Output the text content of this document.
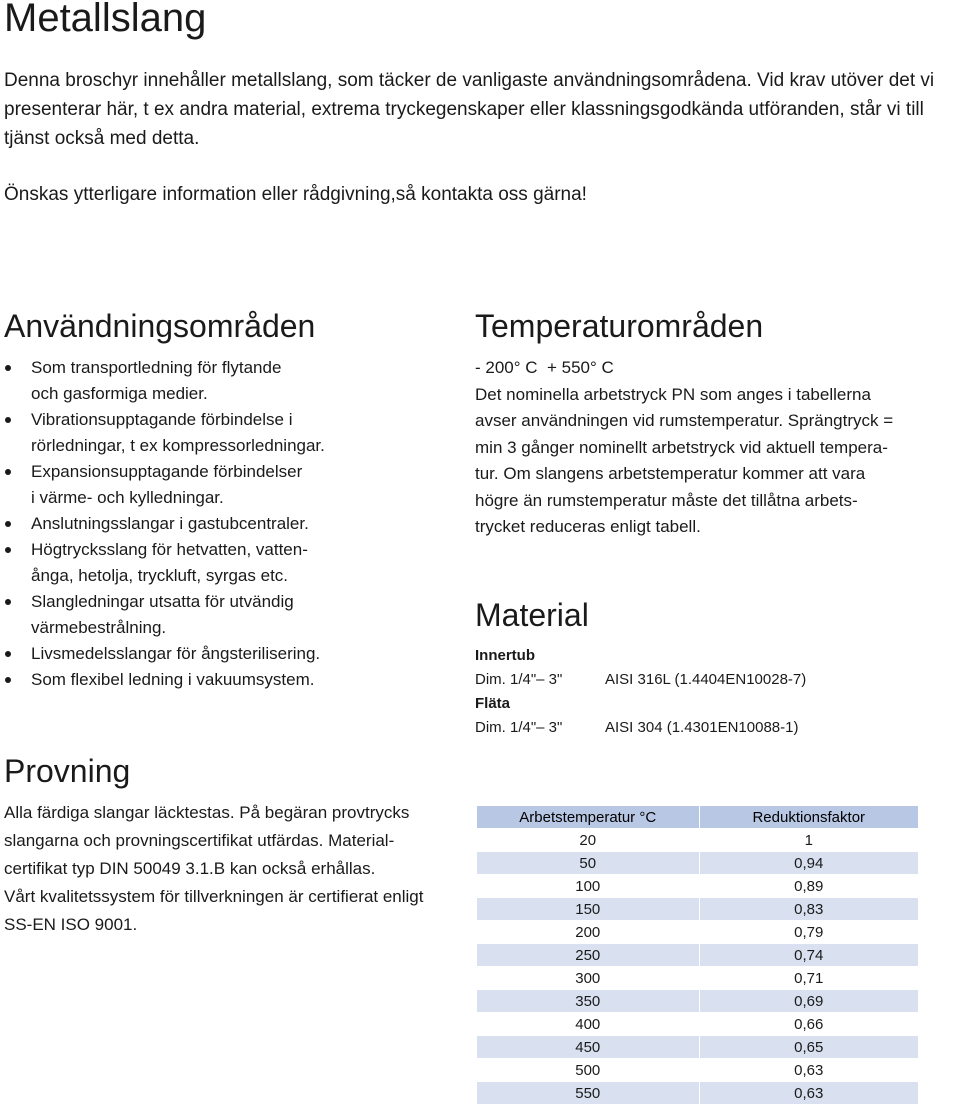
Metallslang

Denna broschyr innehåller metallslang, som täcker de vanligaste användningsområdena. Vid krav utöver det vi presenterar här, t ex andra material, extrema tryckegenskaper eller klassningsgodkända utföranden, står vi till tjänst också med detta.

Önskas ytterligare information eller rådgivning,så kontakta oss gärna!

Användningsområden
Som transportledning för flytande
och gasformiga medier.
Vibrationsupptagande förbindelse i
rörledningar, t ex kompressorledningar.
Expansionsupptagande förbindelser
i värme- och kylledningar.
Anslutningsslangar i gastubcentraler.
Högtrycksslang för hetvatten, vatten-
ånga, hetolja, tryckluft, syrgas etc.
Slangledningar utsatta för utvändig
värmebestrålning.
Livsmedelsslangar för ångsterilisering.
Som flexibel ledning i vakuumsystem.
Provning
Alla färdiga slangar läcktestas. På begäran provtrycks
slangarna och provningscertifikat utfärdas. Material-
certifikat typ DIN 50049 3.1.B kan också erhållas.
Vårt kvalitetssystem för tillverkningen är certifierat enligt
SS-EN ISO 9001.
Temperaturområden
- 200° C  + 550° C
Det nominella arbetstryck PN som anges i tabellerna
avser användningen vid rumstemperatur. Sprängtryck =
min 3 gånger nominellt arbetstryck vid aktuell tempera-
tur. Om slangens arbetstemperatur kommer att vara
högre än rumstemperatur måste det tillåtna arbets-
trycket reduceras enligt tabell.
Material
Innertub
Dim. 1/4"– 3"	AISI 316L (1.4404EN10028-7)
Fläta
Dim. 1/4"– 3"	AISI 304 (1.4301EN10088-1)
Arbetstemperatur °C	Reduktionsfaktor
20	1
50	0,94
100	0,89
150	0,83
200	0,79
250	0,74
300	0,71
350	0,69
400	0,66
450	0,65
500	0,63
550	0,63
